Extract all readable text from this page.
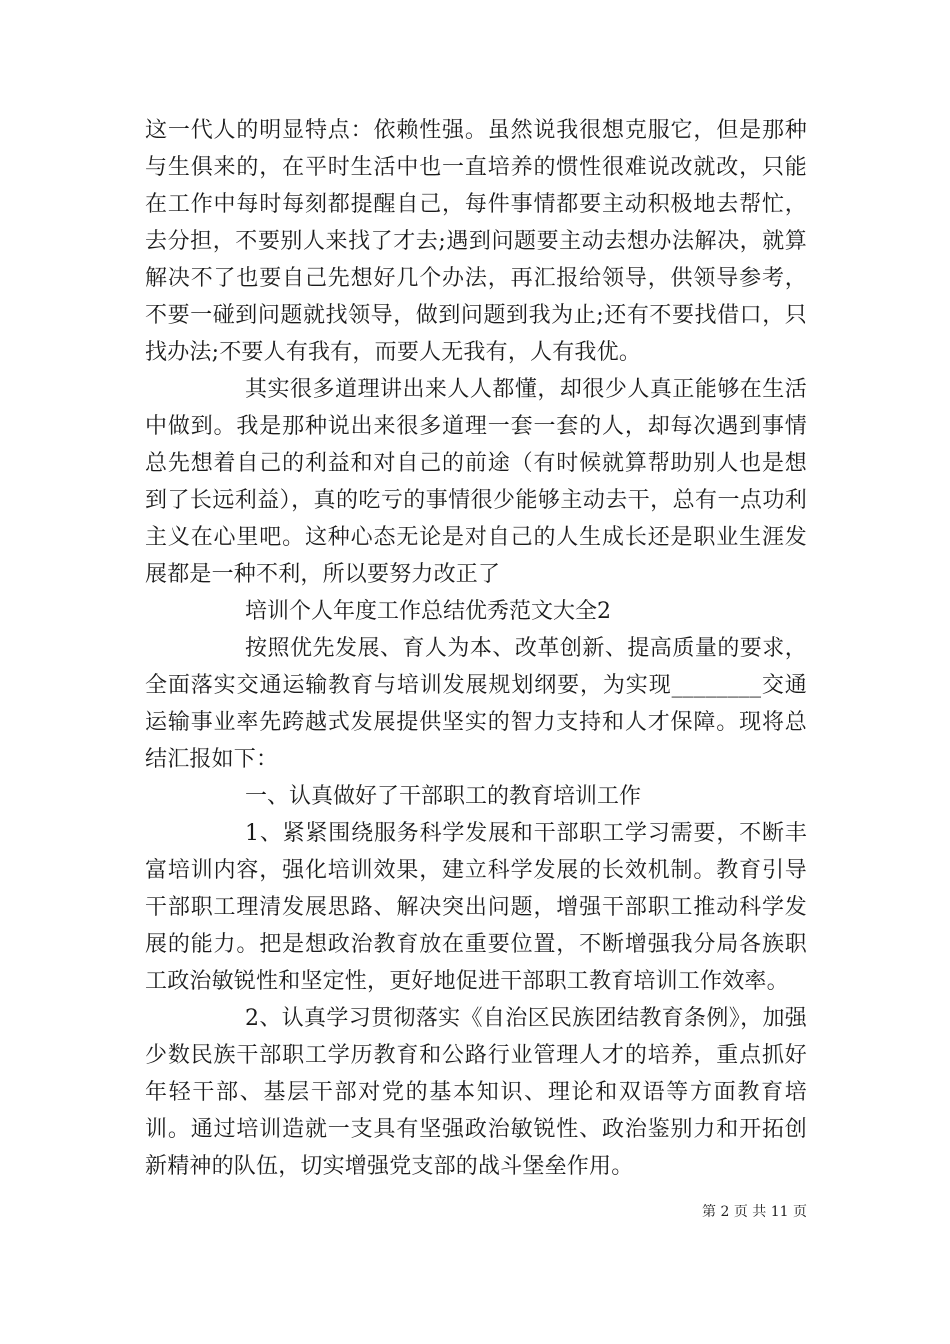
这一代人的明显特点：依赖性强。虽然说我很想克服它，但是那种与生俱来的，在平时生活中也一直培养的惯性很难说改就改，只能在工作中每时每刻都提醒自己，每件事情都要主动积极地去帮忙，去分担，不要别人来找了才去;遇到问题要主动去想办法解决，就算解决不了也要自己先想好几个办法，再汇报给领导，供领导参考，不要一碰到问题就找领导，做到问题到我为止;还有不要找借口，只找办法;不要人有我有，而要人无我有，人有我优。

其实很多道理讲出来人人都懂，却很少人真正能够在生活中做到。我是那种说出来很多道理一套一套的人，却每次遇到事情总先想着自己的利益和对自己的前途（有时候就算帮助别人也是想到了长远利益），真的吃亏的事情很少能够主动去干，总有一点功利主义在心里吧。这种心态无论是对自己的人生成长还是职业生涯发展都是一种不利，所以要努力改正了

培训个人年度工作总结优秀范文大全2

按照优先发展、育人为本、改革创新、提高质量的要求，全面落实交通运输教育与培训发展规划纲要，为实现________交通运输事业率先跨越式发展提供坚实的智力支持和人才保障。现将总结汇报如下：

一、认真做好了干部职工的教育培训工作

1、紧紧围绕服务科学发展和干部职工学习需要，不断丰富培训内容，强化培训效果，建立科学发展的长效机制。教育引导干部职工理清发展思路、解决突出问题，增强干部职工推动科学发展的能力。把是想政治教育放在重要位置，不断增强我分局各族职工政治敏锐性和坚定性，更好地促进干部职工教育培训工作效率。

2、认真学习贯彻落实《自治区民族团结教育条例》，加强少数民族干部职工学历教育和公路行业管理人才的培养，重点抓好年轻干部、基层干部对党的基本知识、理论和双语等方面教育培训。通过培训造就一支具有坚强政治敏锐性、政治鉴别力和开拓创新精神的队伍，切实增强党支部的战斗堡垒作用。

第 2 页 共 11 页
